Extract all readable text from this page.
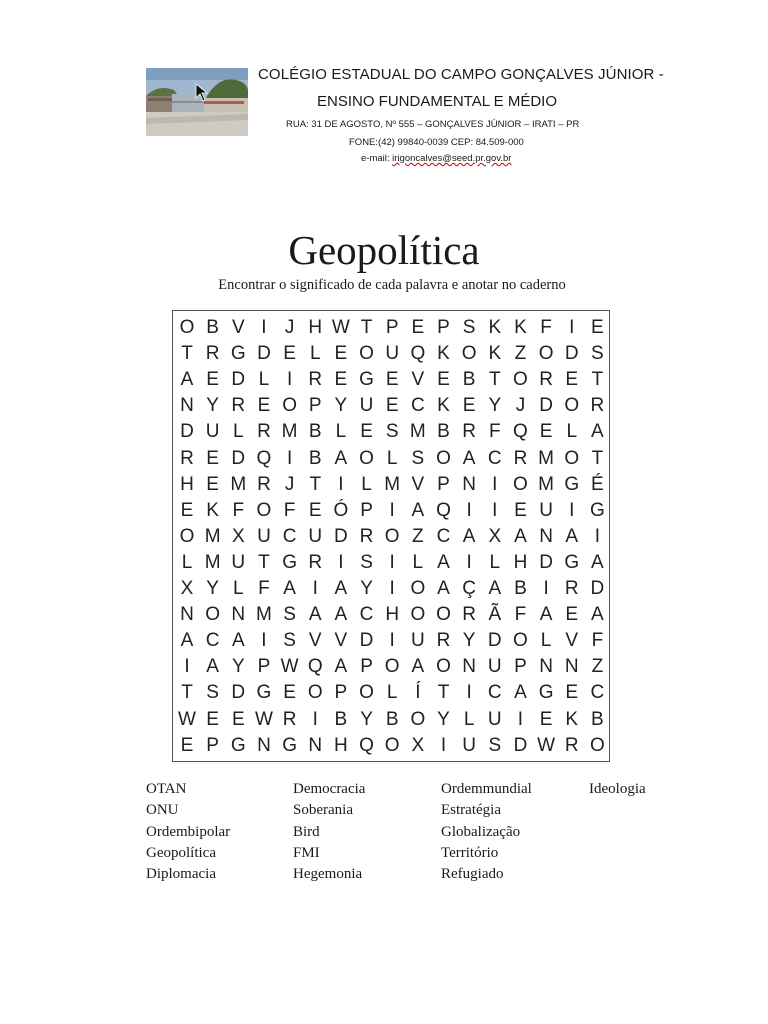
COLÉGIO ESTADUAL DO CAMPO GONÇALVES JÚNIOR -
ENSINO FUNDAMENTAL E MÉDIO
RUA: 31 DE AGOSTO, Nº 555 – GONÇALVES JÚNIOR – IRATI – PR
FONE:(42) 99840-0039 CEP: 84.509-000
e-mail: irigoncalves@seed.pr.gov.br
Geopolítica
Encontrar o significado de cada palavra e anotar no caderno
O B V I J H W T P E P S K K F I E
T R G D E L E O U Q K O K Z O D S
A E D L I R E G E V E B T O R E T
N Y R E O P Y U E C K E Y J D O R
D U L R M B L E S M B R F Q E L A
R E D Q I B A O L S O A C R M O T
H E M R J T I L M V P N I O M G É
E K F O F E Ó P I A Q I	I E U I G
O M X U C U D R O Z C A X A N A I
L M U T G R I S I L A I L H D G A
X Y L F A I A Y I O A Ç A B I R D
N O N M S A A C H O O R Ã F A E A
A C A I S V V D I U R Y D O L V F
I A Y P W Q A P O A O N U P N N Z
T S D G E O P O L Í T I C A G E C
W E E W R I B Y B O Y L U I E K B
E P G N G N H Q O X I U S D W R O
OTAN
ONU
Ordembipolar
Geopolítica
Diplomacia
Democracia
Soberania
Bird
FMI
Hegemonia
Ordemmundial
Estratégia
Globalização
Território
Refugiado
Ideologia
